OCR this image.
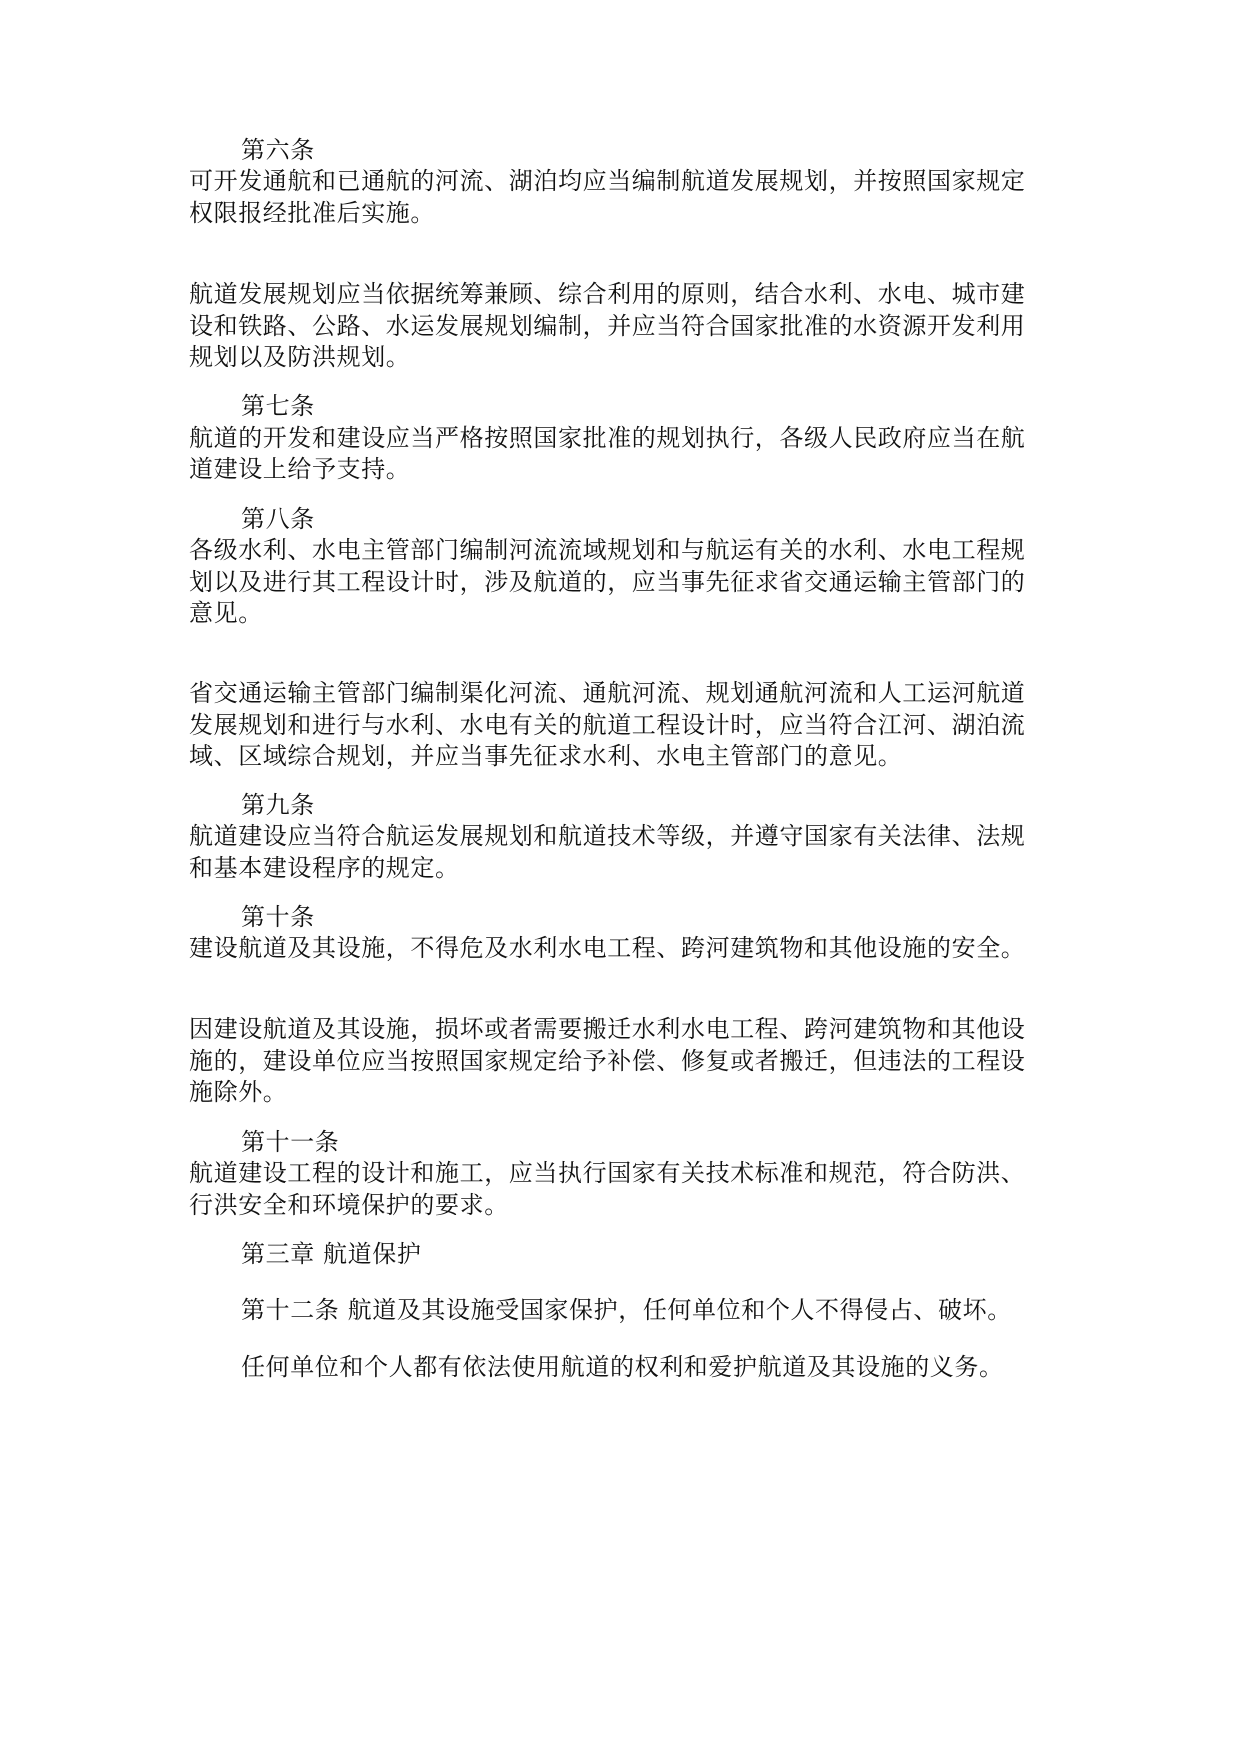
第六条
可开发通航和已通航的河流、湖泊均应当编制航道发展规划，并按照国家规定
权限报经批准后实施。
航道发展规划应当依据统筹兼顾、综合利用的原则，结合水利、水电、城市建
设和铁路、公路、水运发展规划编制，并应当符合国家批准的水资源开发利用
规划以及防洪规划。
第七条
航道的开发和建设应当严格按照国家批准的规划执行，各级人民政府应当在航
道建设上给予支持。
第八条
各级水利、水电主管部门编制河流流域规划和与航运有关的水利、水电工程规
划以及进行其工程设计时，涉及航道的，应当事先征求省交通运输主管部门的
意见。
省交通运输主管部门编制渠化河流、通航河流、规划通航河流和人工运河航道
发展规划和进行与水利、水电有关的航道工程设计时，应当符合江河、湖泊流
域、区域综合规划，并应当事先征求水利、水电主管部门的意见。
第九条
航道建设应当符合航运发展规划和航道技术等级，并遵守国家有关法律、法规
和基本建设程序的规定。
第十条
建设航道及其设施，不得危及水利水电工程、跨河建筑物和其他设施的安全。
因建设航道及其设施，损坏或者需要搬迁水利水电工程、跨河建筑物和其他设
施的，建设单位应当按照国家规定给予补偿、修复或者搬迁，但违法的工程设
施除外。
第十一条
航道建设工程的设计和施工，应当执行国家有关技术标准和规范，符合防洪、
行洪安全和环境保护的要求。
第三章 航道保护
第十二条 航道及其设施受国家保护，任何单位和个人不得侵占、破坏。
任何单位和个人都有依法使用航道的权利和爱护航道及其设施的义务。
